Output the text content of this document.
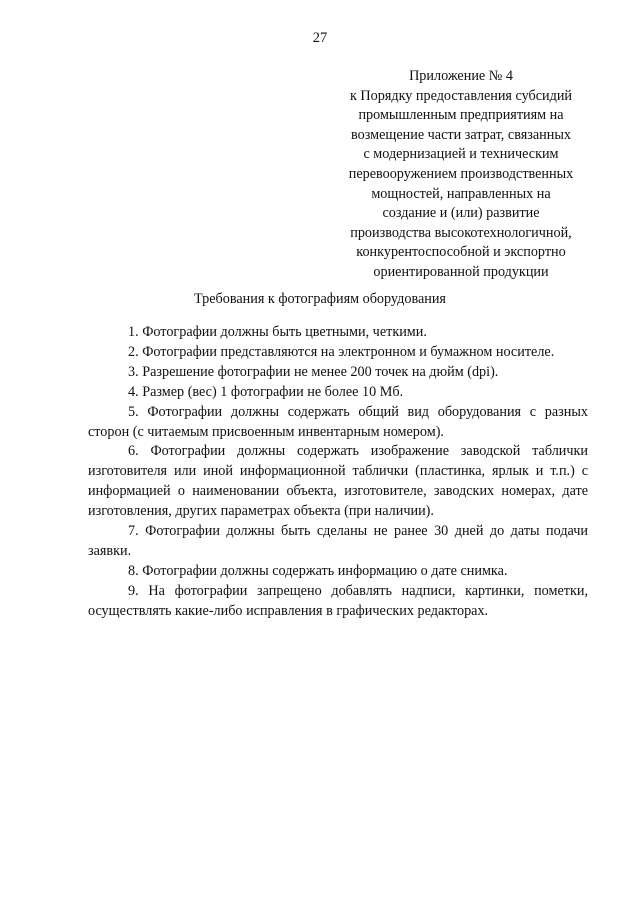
27
Приложение № 4
к Порядку предоставления субсидий
промышленным предприятиям на
возмещение части затрат, связанных
с модернизацией и техническим
перевооружением производственных
мощностей, направленных на
создание и (или) развитие
производства высокотехнологичной,
конкурентоспособной и экспортно
ориентированной продукции
Требования к фотографиям оборудования

1. Фотографии должны быть цветными, четкими.

2. Фотографии представляются на электронном и бумажном носителе.

3. Разрешение фотографии не менее 200 точек на дюйм (dpi).

4. Размер (вес) 1 фотографии не более 10 Мб.

5. Фотографии должны содержать общий вид оборудования с разных сторон (с читаемым присвоенным инвентарным номером).

6. Фотографии должны содержать изображение заводской таблички изготовителя или иной информационной таблички (пластинка, ярлык и т.п.) с информацией о наименовании объекта, изготовителе, заводских номерах, дате изготовления, других параметрах объекта (при наличии).

7. Фотографии должны быть сделаны не ранее 30 дней до даты подачи заявки.

8. Фотографии должны содержать информацию о дате снимка.

9. На фотографии запрещено добавлять надписи, картинки, пометки, осуществлять какие-либо исправления в графических редакторах.
